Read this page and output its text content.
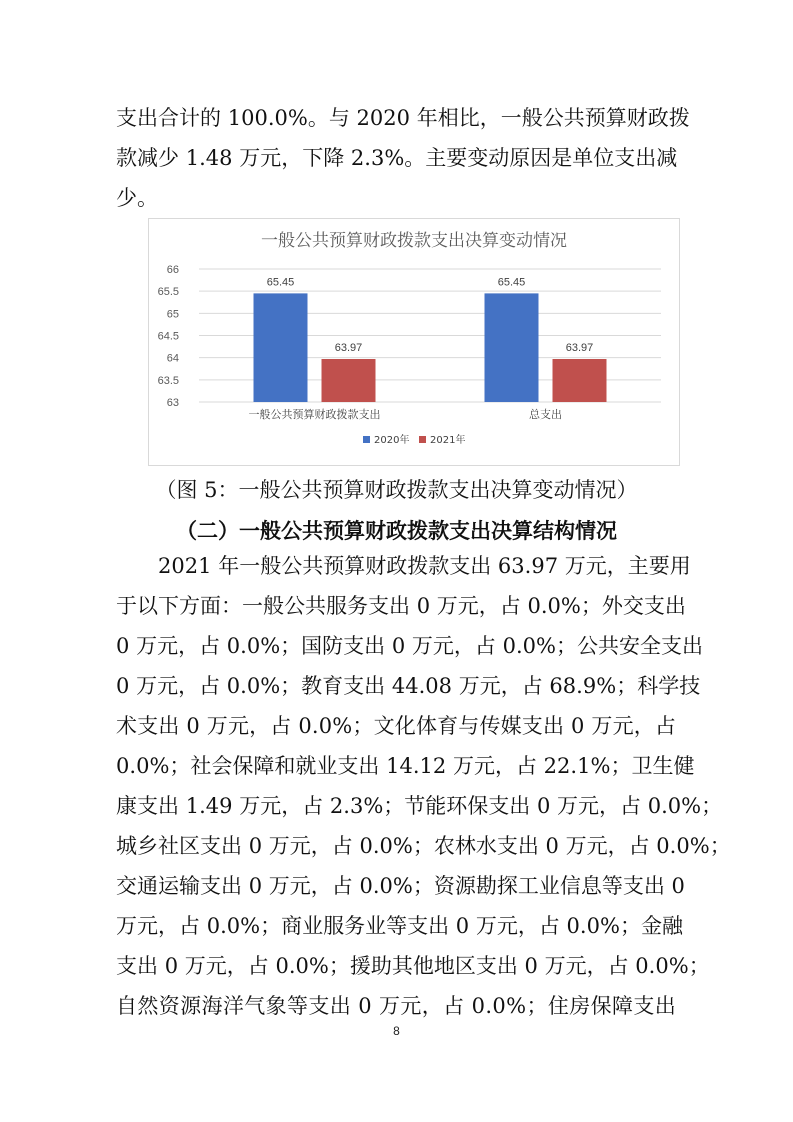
支 出 合 计 的
1 0 0 . 0 % 。 与
2 0 2 0
年 相 比 ， 一 般 公 共 预 算 财 政 拨
款 减 少
1 . 4 8
万 元 ， 下 降
2 . 3 % 。 主 要 变 动 原 因 是 单 位 支 出 减
少。
一般公共预算财政拨款支出决算变动情况
63
63.5
64
64.5
65
65.5
66
65.45
63.97
一般公共预算财政拨款支出
65.45
63.97
总支出
2020年 2021年
（图 5：一般公共预算财政拨款支出决算变动情况）
（二）一般公共预算财政拨款支出决算结构情况
2 0 2 1
年 一 般 公 共 预 算 财 政 拨 款 支 出
6 3 . 9 7
万 元 ， 主 要 用
于 以 下 方 面 ： 一 般 公 共 服 务 支 出
0
万 元 ， 占
0 . 0 % ； 外 交 支 出
0
万 元 ， 占
0 . 0 % ； 国 防 支 出
0
万 元 ， 占
0 . 0 % ； 公 共 安 全 支 出
0
万 元 ， 占
0 . 0 % ； 教 育 支 出
4 4 . 0 8
万 元 ， 占
6 8 . 9 % ； 科 学 技
术 支 出
0
万 元 ， 占
0 . 0 % ； 文 化 体 育 与 传 媒 支 出
0
万 元 ， 占
0 . 0 % ； 社 会 保 障 和 就 业 支 出
1 4 . 1 2
万 元 ， 占
2 2 . 1 % ； 卫 生 健
康 支 出
1 . 4 9
万 元 ， 占
2 . 3 % ； 节 能 环 保 支 出
0
万 元 ， 占
0 . 0 % ；
城 乡 社 区 支 出
0
万 元 ， 占
0 . 0 % ； 农 林 水 支 出
0
万 元 ， 占
0 . 0 % ；
交 通 运 输 支 出
0
万 元 ， 占
0 . 0 % ； 资 源 勘 探 工 业 信 息 等 支 出
0
万 元 ， 占
0 . 0 % ； 商 业 服 务 业 等 支 出
0
万 元 ， 占
0 . 0 % ； 金 融
支 出
0
万 元 ， 占
0 . 0 % ； 援 助 其 他 地 区 支 出
0
万 元 ， 占
0 . 0 % ；
自 然 资 源 海 洋 气 象 等 支 出
0
万 元 ， 占
0 . 0 % ； 住 房 保 障 支 出
8
